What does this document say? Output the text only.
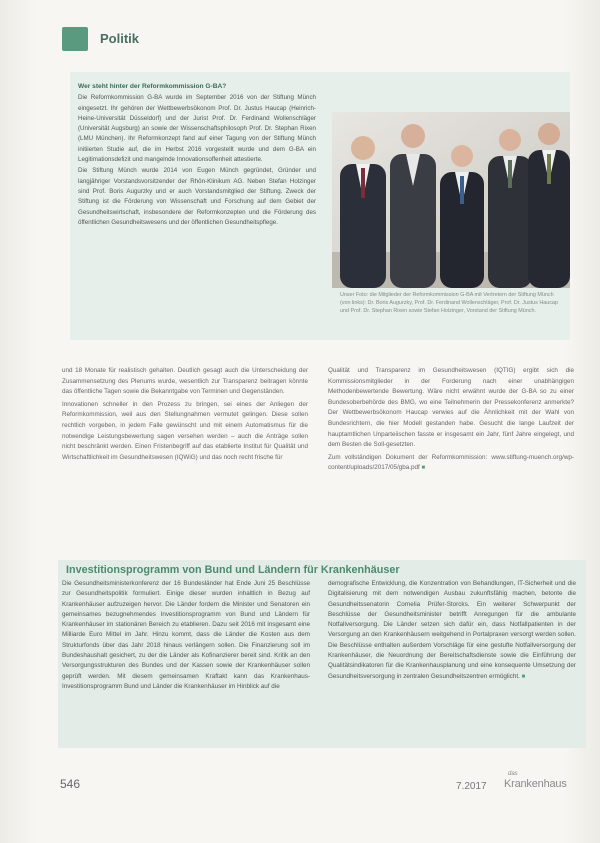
Politik
Wer steht hinter der Reformkommission G-BA?

Die Reformkommission G-BA wurde im September 2016 von der Stiftung Münch eingesetzt. Ihr gehören der Wettbewerbsökonom Prof. Dr. Justus Haucap (Heinrich-Heine-Universität Düsseldorf) und der Jurist Prof. Dr. Ferdinand Wollenschläger (Universität Augsburg) an sowie der Wissenschaftsphilosoph Prof. Dr. Stephan Rixen (LMU München). Ihr Reformkonzept fand auf einer Tagung von der Stiftung Münch initiierten Studie auf, die im Herbst 2016 vorgestellt wurde und dem G-BA ein Legitimationsdefizit und mangelnde Innovationsoffenheit attestierte.

Die Stiftung Münch wurde 2014 von Eugen Münch gegründet, Gründer und langjähriger Vorstandsvorsitzender der Rhön-Klinikum AG. Neben Stefan Holzinger sind Prof. Boris Augurzky und er auch Vorstandsmitglied der Stiftung. Zweck der Stiftung ist die Förderung von Wissenschaft und Forschung auf dem Gebiet der Gesundheitswirtschaft, insbesondere der Reformkonzepten und die Förderung des öffentlichen Gesundheitswesens und der öffentlichen Gesundheitspflege.

Unser Foto: die Mitglieder der Reformkommission G-BA mit Vertretern der Stiftung Münch (von links): Dr. Boris Augurzky, Prof. Dr. Ferdinand Wollenschläger, Prof. Dr. Justus Haucap und Prof. Dr. Stephan Rixen sowie Stefan Holzinger, Vorstand der Stiftung Münch.

und 18 Monate für realistisch gehalten. Deutlich gesagt auch die Unterscheidung der Zusammensetzung des Plenums wurde, wesentlich zur Transparenz beitragen könnte das öffentliche Tagen sowie die Bekanntgabe von Terminen und Gegenständen.

Innovationen schneller in den Prozess zu bringen, sei eines der Anliegen der Reformkommission, weil aus den Stellungnahmen vermutet gelingen. Diese sollen rechtlich vorgeben, in jedem Falle gewünscht und mit einem Automatismus für die notwendige Leistungsbewertung sagen versehen werden – auch die Anträge sollen nicht beschränkt werden. Einen Fristenbegriff auf das etablierte Institut für Qualität und Wirtschaftlichkeit im Gesundheitswesen (IQWiG) und das noch recht frische für

Qualität und Transparenz im Gesundheitswesen (IQTIG) ergibt sich die Kommissionsmitglieder in der Forderung nach einer unabhängigen Methodenbewertende Bewertung. Wäre nicht erwähnt wurde der G-BA so zu einer Bundesoberbehörde des BMG, wo eine Teilnehmerin der Pressekonferenz anmerkte? Der Wettbewerbsökonom Haucap verwies auf die Ähnlichkeit mit der Wahl von Bundesrichtern, die hier Modell gestanden habe. Gesucht die lange Laufzeit der hauptamtlichen Unparteiischen fasste er insgesamt ein Jahr, fünf Jahre eingelegt, und dem Besten die Soll-gesetzten.

Zum vollständigen Dokument der Reformkommission: www.stiftung-muench.org/wp-content/uploads/2017/05/gba.pdf ■

Investitionsprogramm von Bund und Ländern für Krankenhäuser
Die Gesundheitsministerkonferenz der 16 Bundesländer hat Ende Juni 25 Beschlüsse zur Gesundheitspolitik formuliert. Einige dieser wurden inhaltlich in Bezug auf Krankenhäuser aufzuzeigen hervor. Die Länder fordern die Minister und Senatoren ein gemeinsames bezugnehmendes Investitionsprogramm von Bund und Ländern für Krankenhäuser im stationären Bereich zu etablieren. Dazu seit 2016 mit insgesamt eine Milliarde Euro Mittel im Jahr. Hinzu kommt, dass die Länder die Kosten aus dem Strukturfonds über das Jahr 2018 hinaus verlängern sollen. Die Finanzierung soll im Bundeshaushalt gesichert, zu der die Länder als Kofinanzierer bereit sind. Kritik an den Versorgungsstrukturen des Bundes und der Kassen sowie der Krankenhäuser sollen geprüft werden. Mit diesem gemeinsamen Kraftakt kann das Krankenhaus-Investitionsprogramm Bund und Länder die Krankenhäuser im Hinblick auf die
demografische Entwicklung, die Konzentration von Behandlungen, IT-Sicherheit und die Digitalisierung mit dem notwendigen Ausbau zukunftsfähig machen, betonte die Gesundheitssenatorin Cornelia Prüfer-Storcks. Ein weiterer Schwerpunkt der Beschlüsse der Gesundheitsminister betrifft Anregungen für die ambulante Notfallversorgung. Die Länder setzen sich dafür ein, dass Notfallpatienten in der Versorgung an den Krankenhäusern weitgehend in Portalpraxen versorgt werden sollen. Die Beschlüsse enthalten außerdem Vorschläge für eine gestufte Notfallversorgung der Krankenhäuser, die Neuordnung der Bereitschaftsdienste sowie die Einführung der Qualitätsindikatoren für die Krankenhausplanung und eine konsequente Umsetzung der Gesundheitsversorgung in zentralen Gesundheitszentren ermöglicht. ■
546	7.2017
das
Krankenhaus
